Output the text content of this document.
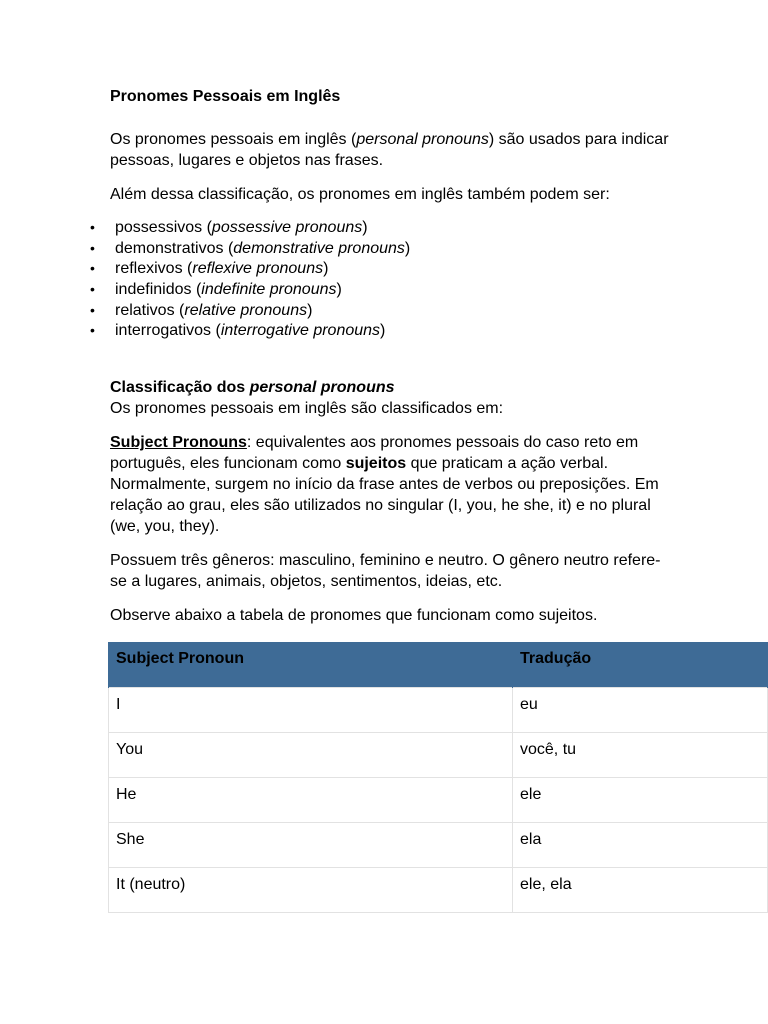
Pronomes Pessoais em Inglês

Os pronomes pessoais em inglês (personal pronouns) são usados para indicar pessoas, lugares e objetos nas frases.

Além dessa classificação, os pronomes em inglês também podem ser:

• possessivos (possessive pronouns)
• demonstrativos (demonstrative pronouns)
• reflexivos (reflexive pronouns)
• indefinidos (indefinite pronouns)
• relativos (relative pronouns)
• interrogativos (interrogative pronouns)

Classificação dos personal pronouns

Os pronomes pessoais em inglês são classificados em:

Subject Pronouns: equivalentes aos pronomes pessoais do caso reto em português, eles funcionam como sujeitos que praticam a ação verbal. Normalmente, surgem no início da frase antes de verbos ou preposições. Em relação ao grau, eles são utilizados no singular (I, you, he she, it) e no plural (we, you, they).

Possuem três gêneros: masculino, feminino e neutro. O gênero neutro refere-se a lugares, animais, objetos, sentimentos, ideias, etc.

Observe abaixo a tabela de pronomes que funcionam como sujeitos.

Subject Pronoun	Tradução
I	eu
You	você, tu
He	ele
She	ela
It (neutro)	ele, ela
